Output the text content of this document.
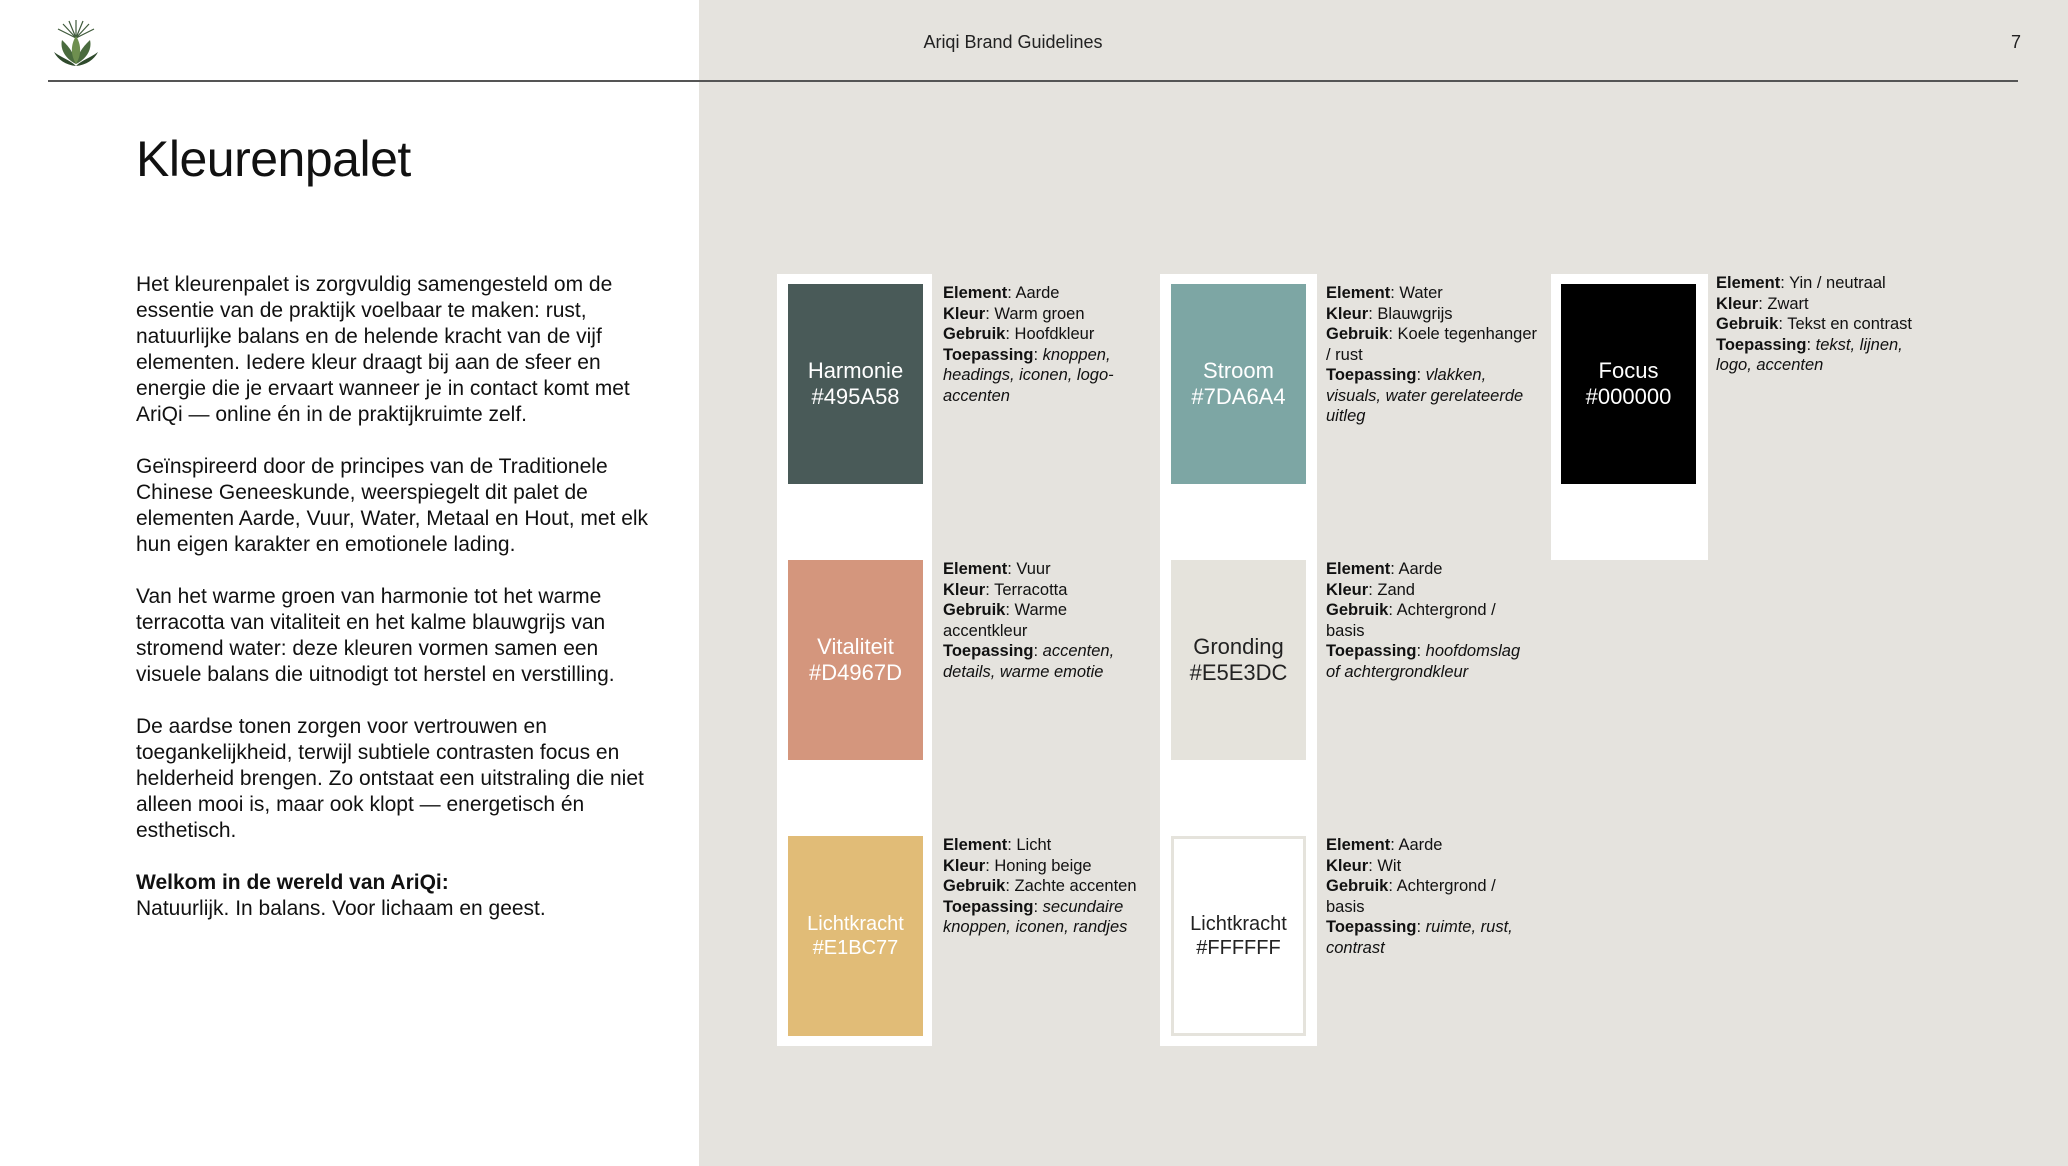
Ariqi Brand Guidelines	7
Kleurenpalet

Het kleurenpalet is zorgvuldig samengesteld om de essentie van de praktijk voelbaar te maken: rust, natuurlijke balans en de helende kracht van de vijf elementen. Iedere kleur draagt bij aan de sfeer en energie die je ervaart wanneer je in contact komt met AriQi — online én in de praktijkruimte zelf.

Geïnspireerd door de principes van de Traditionele Chinese Geneeskunde, weerspiegelt dit palet de elementen Aarde, Vuur, Water, Metaal en Hout, met elk hun eigen karakter en emotionele lading.

Van het warme groen van harmonie tot het warme terracotta van vitaliteit en het kalme blauwgrijs van stromend water: deze kleuren vormen samen een visuele balans die uitnodigt tot herstel en verstilling.

De aardse tonen zorgen voor vertrouwen en toegankelijkheid, terwijl subtiele contrasten focus en helderheid brengen. Zo ontstaat een uitstraling die niet alleen mooi is, maar ook klopt — energetisch én esthetisch.

Welkom in de wereld van AriQi:
Natuurlijk. In balans. Voor lichaam en geest.

Harmonie
#495A58
Element: Aarde
Kleur: Warm groen
Gebruik: Hoofdkleur
Toepassing: knoppen, headings, iconen, logo-accenten
Vitaliteit
#D4967D
Element: Vuur
Kleur: Terracotta
Gebruik: Warme accentkleur
Toepassing: accenten, details, warme emotie
Lichtkracht
#E1BC77
Element: Licht
Kleur: Honing beige
Gebruik: Zachte accenten
Toepassing: secundaire knoppen, iconen, randjes
Stroom
#7DA6A4
Element: Water
Kleur: Blauwgrijs
Gebruik: Koele tegenhanger / rust
Toepassing: vlakken, visuals, water gerelateerde uitleg
Gronding
#E5E3DC
Element: Aarde
Kleur: Zand
Gebruik: Achtergrond / basis
Toepassing: hoofdomslag of achtergrondkleur
Lichtkracht
#FFFFFF
Element: Aarde
Kleur: Wit
Gebruik: Achtergrond / basis
Toepassing: ruimte, rust, contrast
Focus
#000000
Element: Yin / neutraal
Kleur: Zwart
Gebruik: Tekst en contrast
Toepassing: tekst, lijnen, logo, accenten
